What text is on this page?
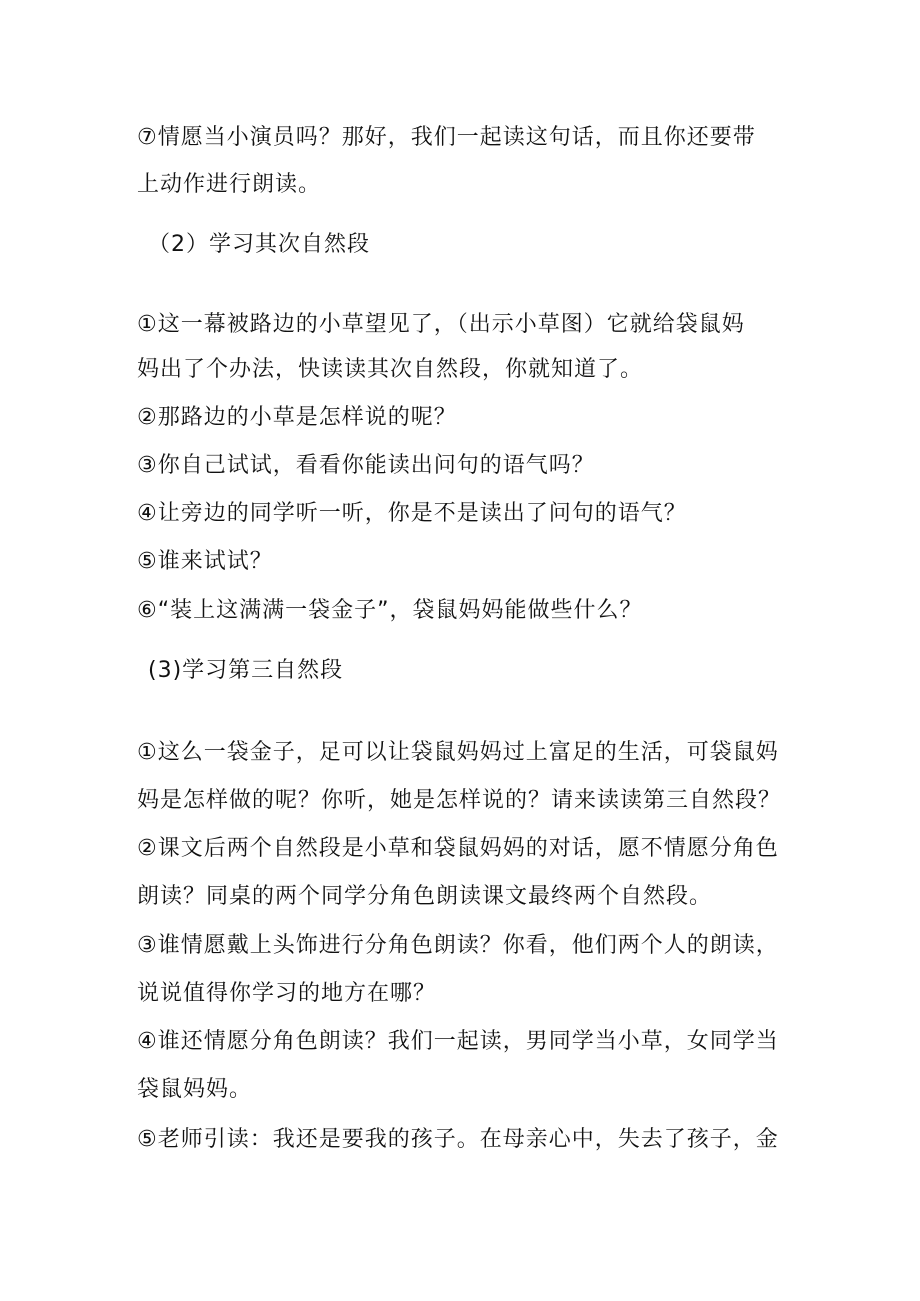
⑦情愿当小演员吗？那好，我们一起读这句话，而且你还要带
上动作进行朗读。
（2）学习其次自然段
①这一幕被路边的小草望见了，（出示小草图）它就给袋鼠妈
妈出了个办法，快读读其次自然段，你就知道了。
②那路边的小草是怎样说的呢？
③你自己试试，看看你能读出问句的语气吗？
④让旁边的同学听一听，你是不是读出了问句的语气？
⑤谁来试试？
⑥“装上这满满一袋金子”，袋鼠妈妈能做些什么？
(3)学习第三自然段
①这么一袋金子，足可以让袋鼠妈妈过上富足的生活，可袋鼠妈
妈是怎样做的呢？你听，她是怎样说的？请来读读第三自然段？
②课文后两个自然段是小草和袋鼠妈妈的对话，愿不情愿分角色
朗读？同桌的两个同学分角色朗读课文最终两个自然段。
③谁情愿戴上头饰进行分角色朗读？你看，他们两个人的朗读，
说说值得你学习的地方在哪？
④谁还情愿分角色朗读？我们一起读，男同学当小草，女同学当
袋鼠妈妈。
⑤老师引读：我还是要我的孩子。在母亲心中，失去了孩子，金
